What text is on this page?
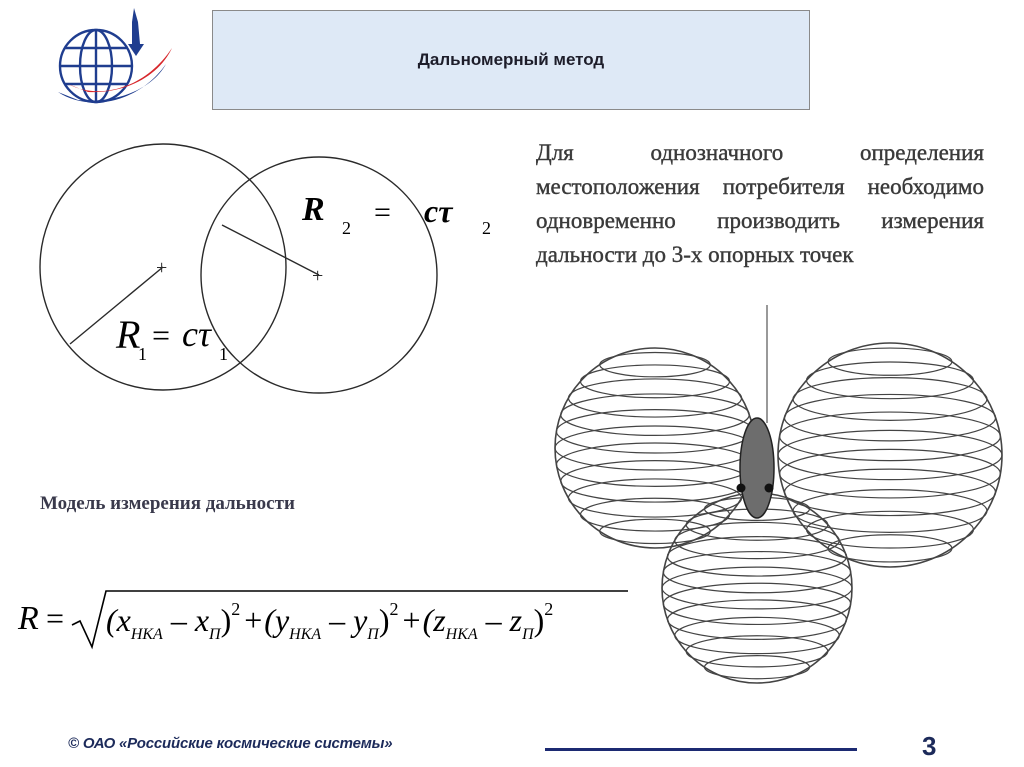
Дальномерный метод
+	+
R 2 = cτ 2
R
1
= cτ 1
Для однозначного определения местоположения потребителя необходимо одновременно производить измерения дальности до 3-х опорных точек
Модель измерения дальности
$R = (x_{НКА} - x_П)^2 +(y_{НКА} - y_П)^2 +(z_{НКА} - z_П)^2$
© ОАО «Российские космические системы»	3
